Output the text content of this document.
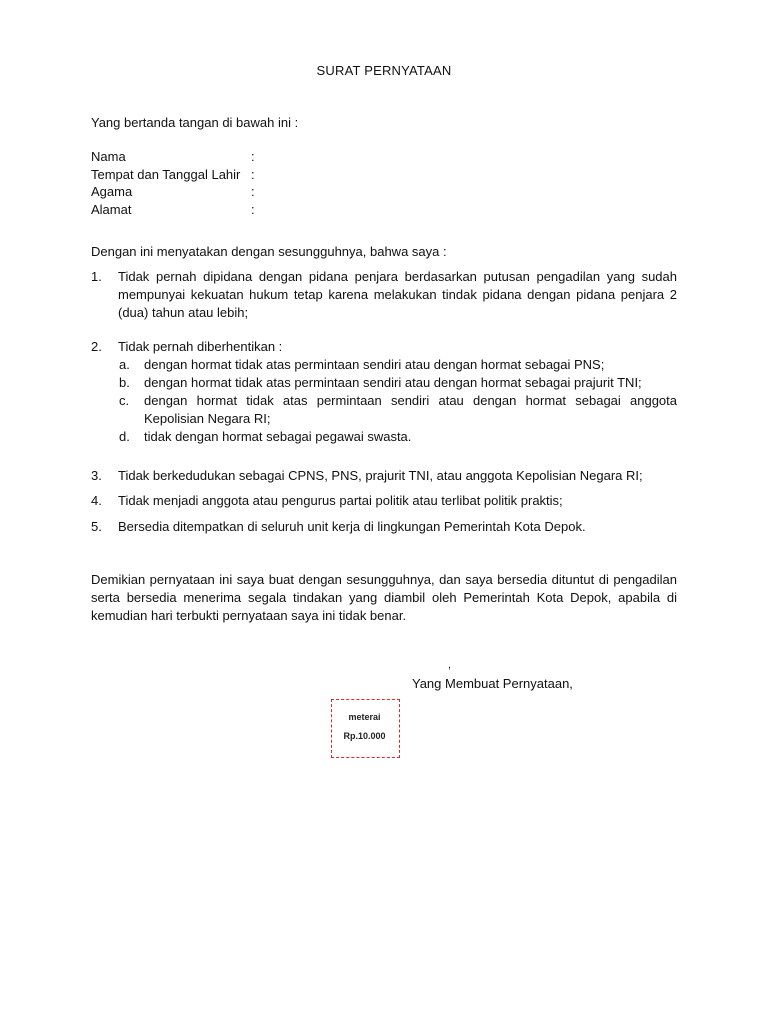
SURAT PERNYATAAN
Yang bertanda tangan di bawah ini :
Nama	:
Tempat dan Tanggal Lahir :
Agama	:
Alamat	:
Dengan ini menyatakan dengan sesungguhnya, bahwa saya :
1. Tidak pernah dipidana dengan pidana penjara berdasarkan putusan pengadilan yang sudah mempunyai kekuatan hukum tetap karena melakukan tindak pidana dengan pidana penjara 2 (dua) tahun atau lebih;
2. Tidak pernah diberhentikan :
a. dengan hormat tidak atas permintaan sendiri atau dengan hormat sebagai PNS;
b. dengan hormat tidak atas permintaan sendiri atau dengan hormat sebagai prajurit TNI;
c. dengan hormat tidak atas permintaan sendiri atau dengan hormat sebagai anggota Kepolisian Negara RI;
d. tidak dengan hormat sebagai pegawai swasta.
3. Tidak berkedudukan sebagai CPNS, PNS, prajurit TNI, atau anggota Kepolisian Negara RI;
4. Tidak menjadi anggota atau pengurus partai politik atau terlibat politik praktis;
5. Bersedia ditempatkan di seluruh unit kerja di lingkungan Pemerintah Kota Depok.
Demikian pernyataan ini saya buat dengan sesungguhnya, dan saya bersedia dituntut di pengadilan serta bersedia menerima segala tindakan yang diambil oleh Pemerintah Kota Depok, apabila di kemudian hari terbukti pernyataan saya ini tidak benar.
,
Yang Membuat Pernyataan,
meterai
Rp.10.000
